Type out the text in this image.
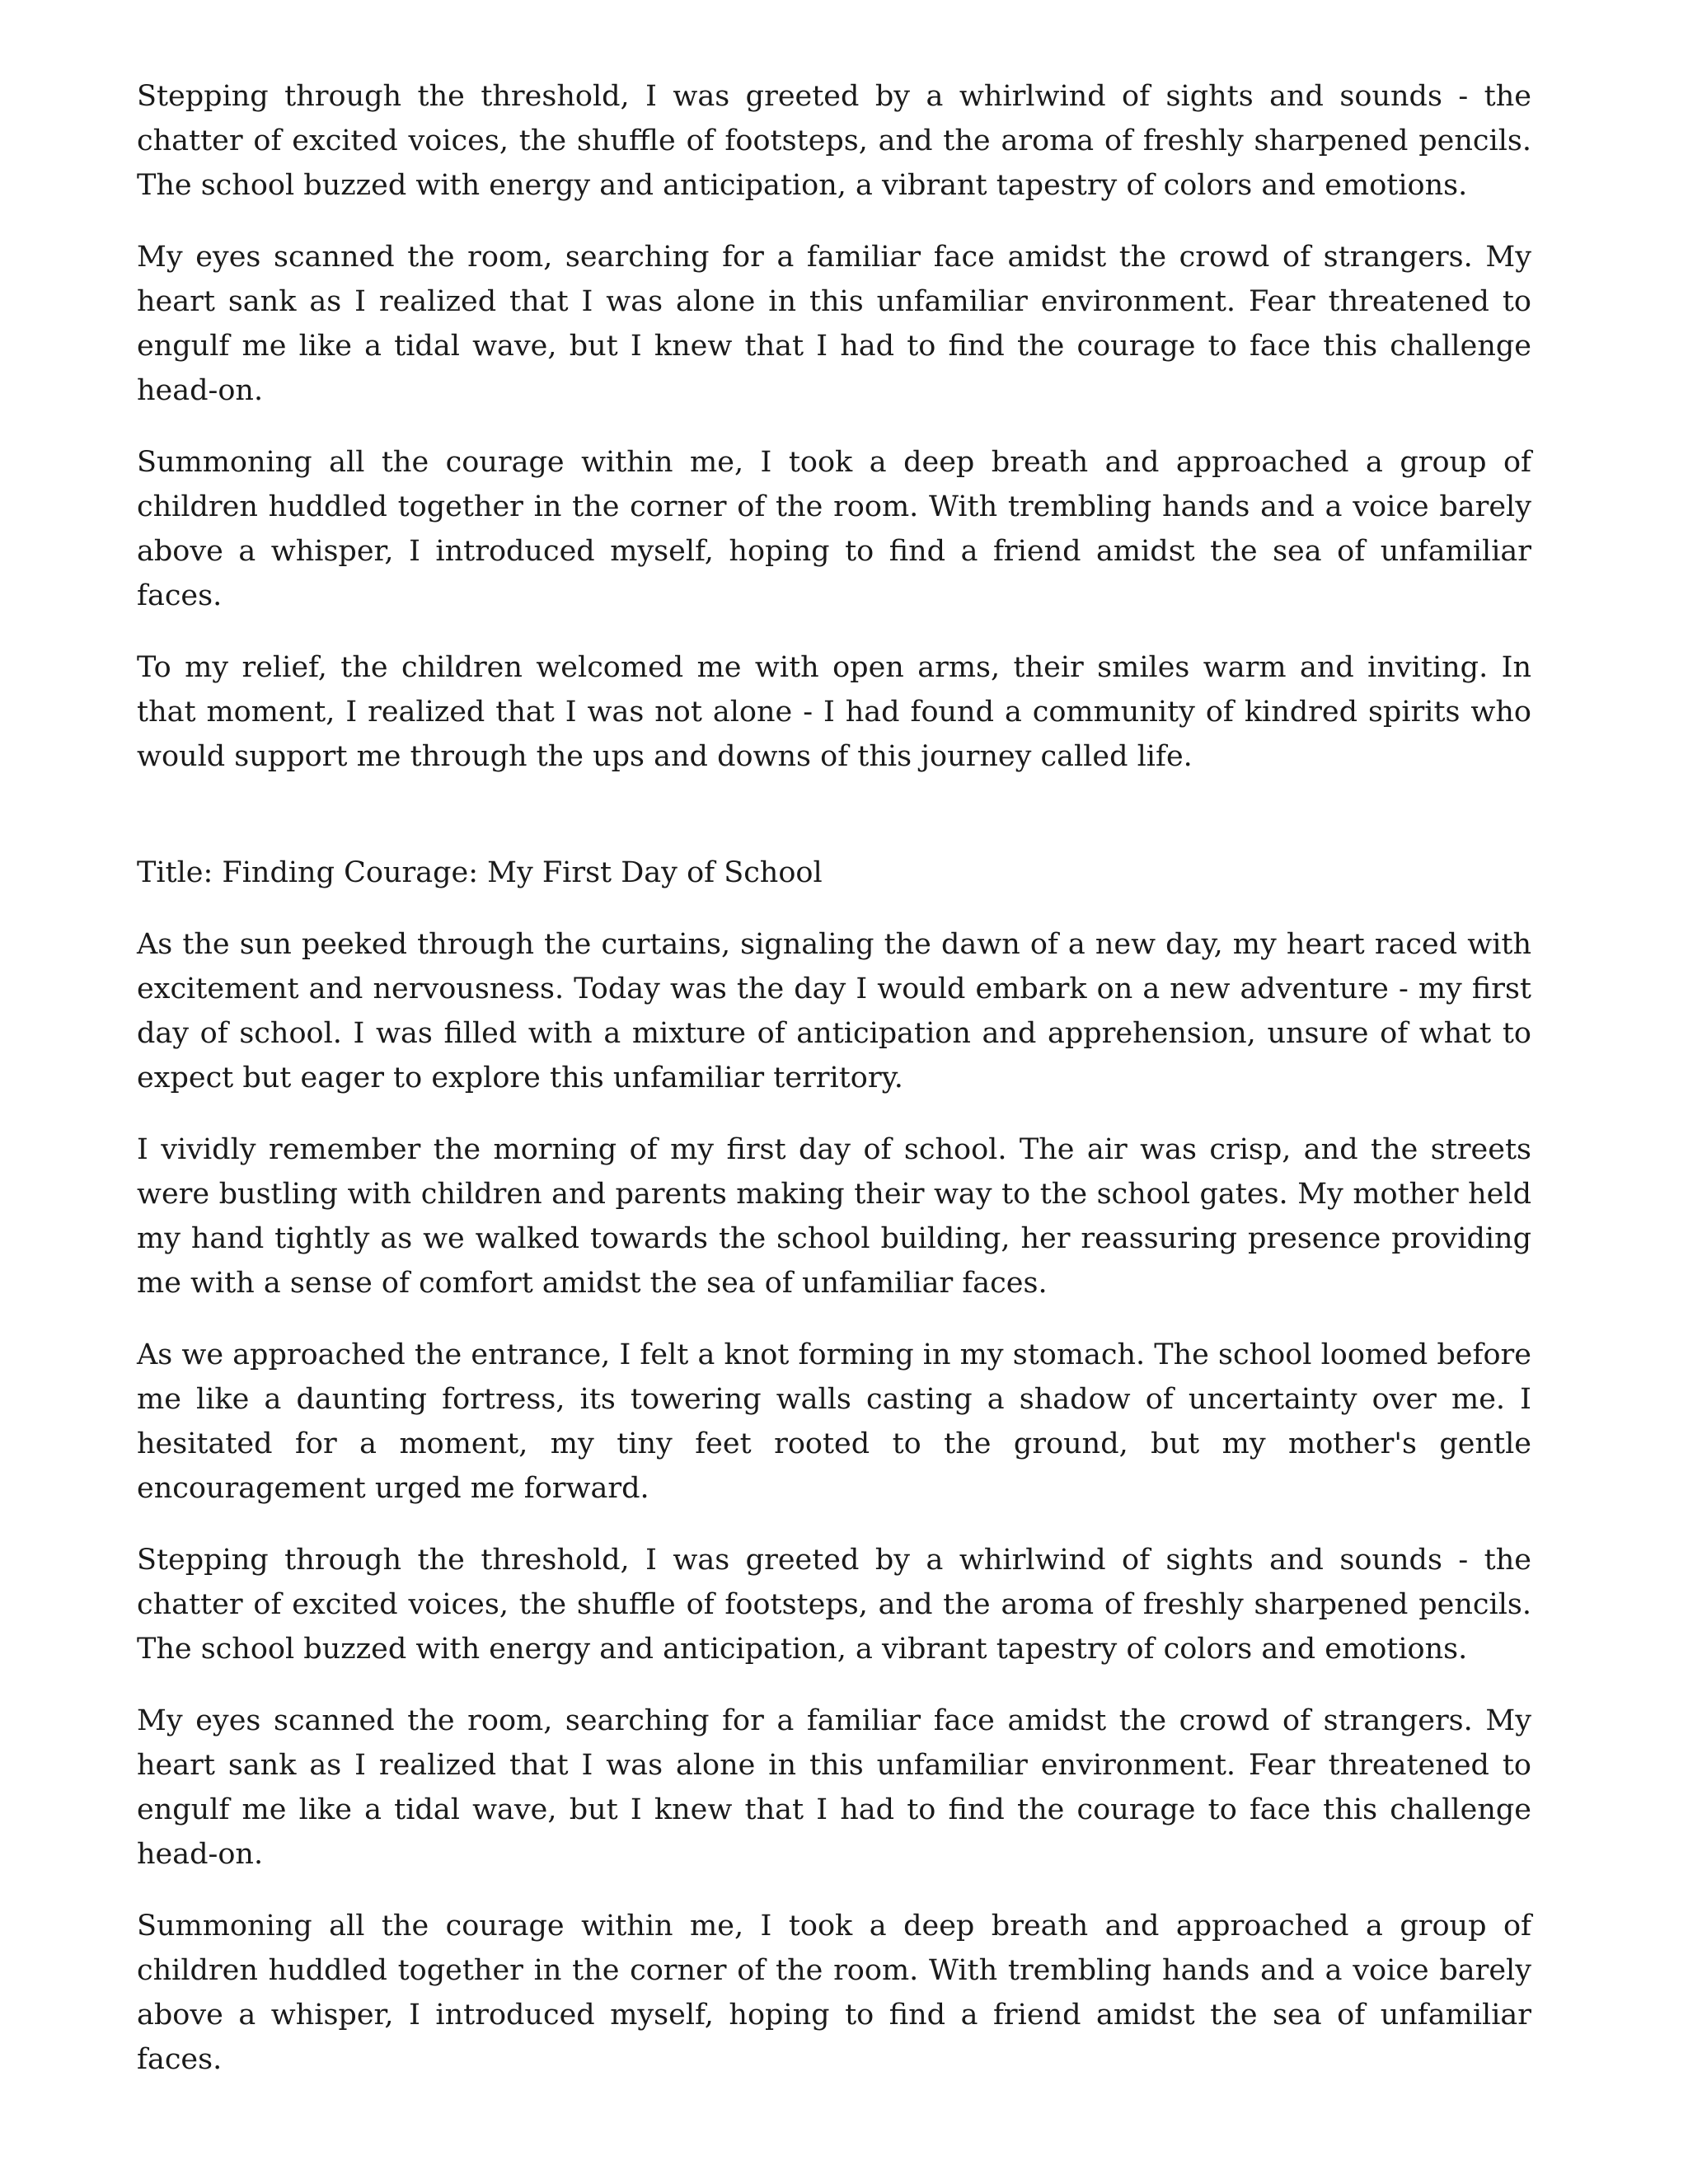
Stepping through the threshold, I was greeted by a whirlwind of sights and sounds - the chatter of excited voices, the shuffle of footsteps, and the aroma of freshly sharpened pencils. The school buzzed with energy and anticipation, a vibrant tapestry of colors and emotions.

My eyes scanned the room, searching for a familiar face amidst the crowd of strangers. My heart sank as I realized that I was alone in this unfamiliar environment. Fear threatened to engulf me like a tidal wave, but I knew that I had to find the courage to face this challenge head-on.

Summoning all the courage within me, I took a deep breath and approached a group of children huddled together in the corner of the room. With trembling hands and a voice barely above a whisper, I introduced myself, hoping to find a friend amidst the sea of unfamiliar faces.

To my relief, the children welcomed me with open arms, their smiles warm and inviting. In that moment, I realized that I was not alone - I had found a community of kindred spirits who would support me through the ups and downs of this journey called life.

Title: Finding Courage: My First Day of School

As the sun peeked through the curtains, signaling the dawn of a new day, my heart raced with excitement and nervousness. Today was the day I would embark on a new adventure - my first day of school. I was filled with a mixture of anticipation and apprehension, unsure of what to expect but eager to explore this unfamiliar territory.

I vividly remember the morning of my first day of school. The air was crisp, and the streets were bustling with children and parents making their way to the school gates. My mother held my hand tightly as we walked towards the school building, her reassuring presence providing me with a sense of comfort amidst the sea of unfamiliar faces.

As we approached the entrance, I felt a knot forming in my stomach. The school loomed before me like a daunting fortress, its towering walls casting a shadow of uncertainty over me. I hesitated for a moment, my tiny feet rooted to the ground, but my mother's gentle encouragement urged me forward.

Stepping through the threshold, I was greeted by a whirlwind of sights and sounds - the chatter of excited voices, the shuffle of footsteps, and the aroma of freshly sharpened pencils. The school buzzed with energy and anticipation, a vibrant tapestry of colors and emotions.

My eyes scanned the room, searching for a familiar face amidst the crowd of strangers. My heart sank as I realized that I was alone in this unfamiliar environment. Fear threatened to engulf me like a tidal wave, but I knew that I had to find the courage to face this challenge head-on.

Summoning all the courage within me, I took a deep breath and approached a group of children huddled together in the corner of the room. With trembling hands and a voice barely above a whisper, I introduced myself, hoping to find a friend amidst the sea of unfamiliar faces.
